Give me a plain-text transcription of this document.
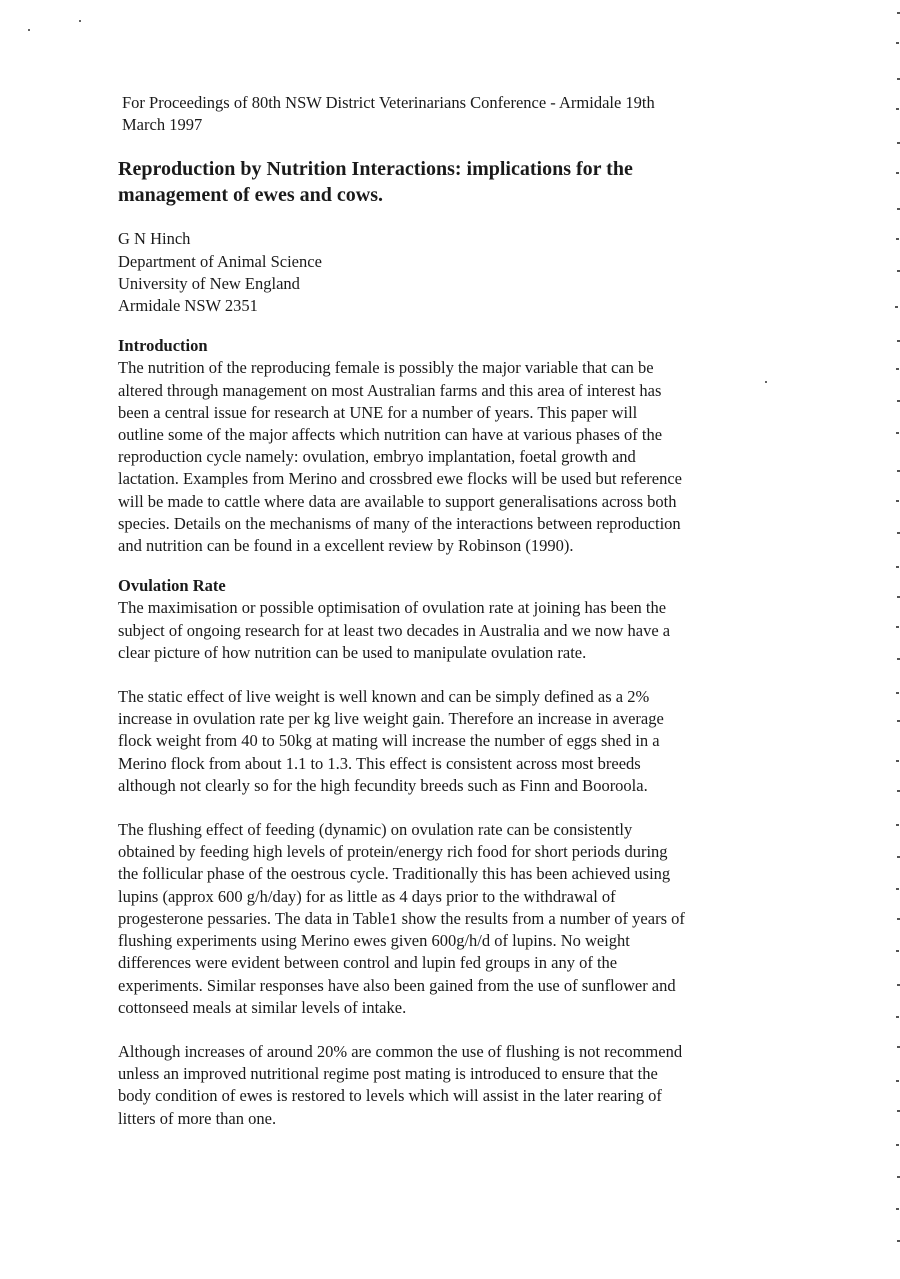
For Proceedings of 80th NSW District Veterinarians Conference - Armidale 19th
March 1997
Reproduction by Nutrition Interactions: implications for the
management of ewes and cows.
G N Hinch
Department of Animal Science
University of New England
Armidale NSW 2351
Introduction

The nutrition of the reproducing female is possibly the major variable that can be
altered through management on most Australian farms and this area of interest has
been a central issue for research at UNE for a number of years. This paper will
outline some of the major affects which nutrition can have at various phases of the
reproduction cycle namely: ovulation, embryo implantation, foetal growth and
lactation. Examples from Merino and crossbred ewe flocks will be used but reference
will be made to cattle where data are available to support generalisations across both
species. Details on the mechanisms of many of the interactions between reproduction
and nutrition can be found in a excellent review by Robinson (1990).

Ovulation Rate

The maximisation or possible optimisation of ovulation rate at joining has been the
subject of ongoing research for at least two decades in Australia and we now have a
clear picture of how nutrition can be used to manipulate ovulation rate.

The static effect of live weight is well known and can be simply defined as a 2%
increase in ovulation rate per kg live weight gain. Therefore an increase in average
flock weight from 40 to 50kg at mating will increase the number of eggs shed in a
Merino flock from about 1.1 to 1.3. This effect is consistent across most breeds
although not clearly so for the high fecundity breeds such as Finn and Booroola.

The flushing effect of feeding (dynamic) on ovulation rate can be consistently
obtained by feeding high levels of protein/energy rich food for short periods during
the follicular phase of the oestrous cycle. Traditionally this has been achieved using
lupins (approx 600 g/h/day) for as little as 4 days prior to the withdrawal of
progesterone pessaries. The data in Table1 show the results from a number of years of
flushing experiments using Merino ewes given 600g/h/d of lupins. No weight
differences were evident between control and lupin fed groups in any of the
experiments. Similar responses have also been gained from the use of sunflower and
cottonseed meals at similar levels of intake.

Although increases of around 20% are common the use of flushing is not recommend
unless an improved nutritional regime post mating is introduced to ensure that the
body condition of ewes is restored to levels which will assist in the later rearing of
litters of more than one.
